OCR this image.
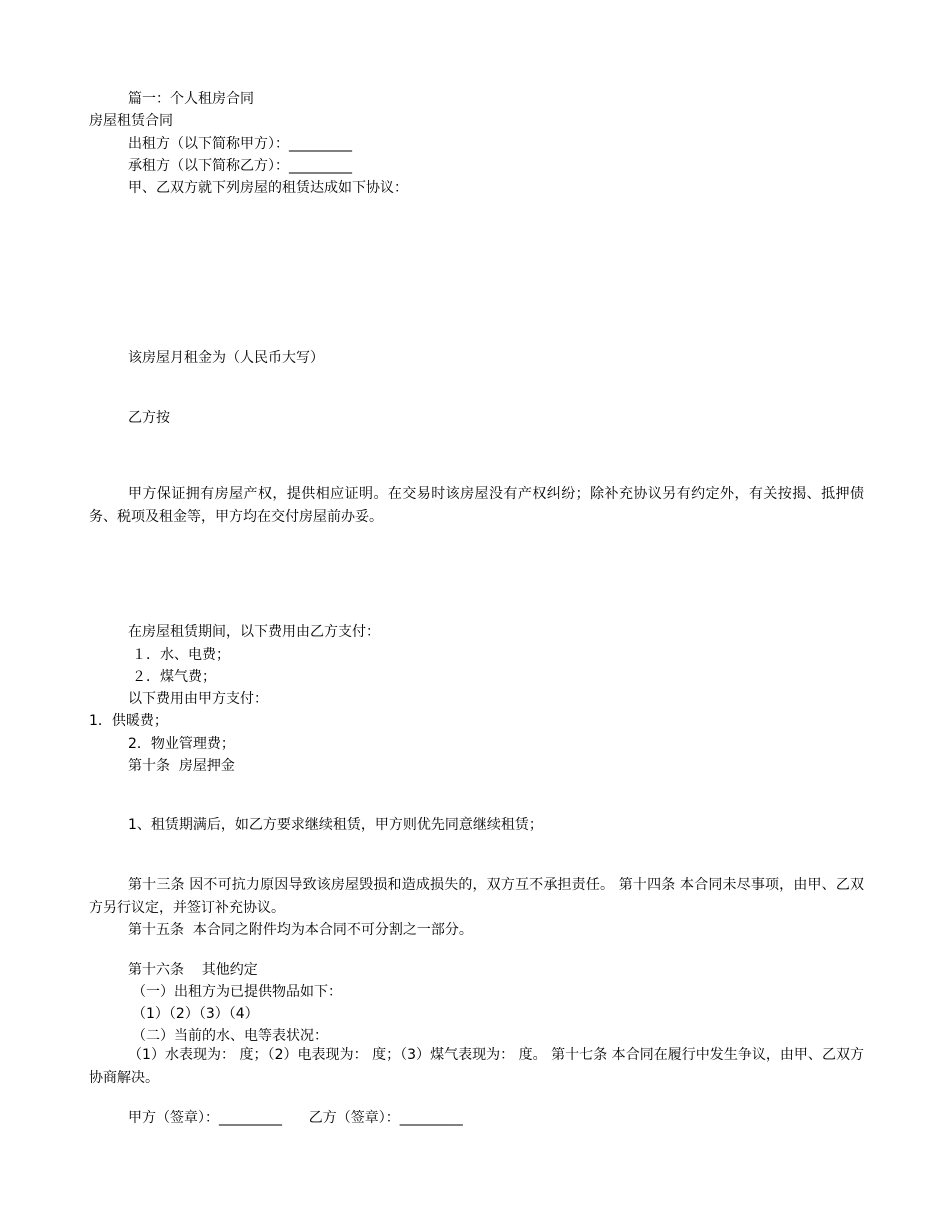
篇一：个人租房合同
房屋租赁合同
出租方（以下简称甲方）：_________
承租方（以下简称乙方）：_________
甲、乙双方就下列房屋的租赁达成如下协议：
该房屋月租金为（人民币大写）
乙方按
甲方保证拥有房屋产权，提供相应证明。在交易时该房屋没有产权纠纷；除补充协议另有约定外，有关按揭、抵押债务、税项及租金等，甲方均在交付房屋前办妥。
在房屋租赁期间，以下费用由乙方支付：
１．水、电费；
２．煤气费；
以下费用由甲方支付：
1．供暖费；
2．物业管理费；
第十条  房屋押金
1、租赁期满后，如乙方要求继续租赁，甲方则优先同意继续租赁；
第十三条 因不可抗力原因导致该房屋毁损和造成损失的，双方互不承担责任。 第十四条 本合同未尽事项，由甲、乙双方另行议定，并签订补充协议。
第十五条  本合同之附件均为本合同不可分割之一部分。
第十六条    其他约定
（一）出租方为已提供物品如下：
（1）（2）（3）（4）
（二）当前的水、电等表状况：
（1）水表现为： 度；（2）电表现为： 度；（3）煤气表现为： 度。 第十七条 本合同在履行中发生争议，由甲、乙双方协商解决。
甲方（签章）：_________      乙方（签章）：_________
